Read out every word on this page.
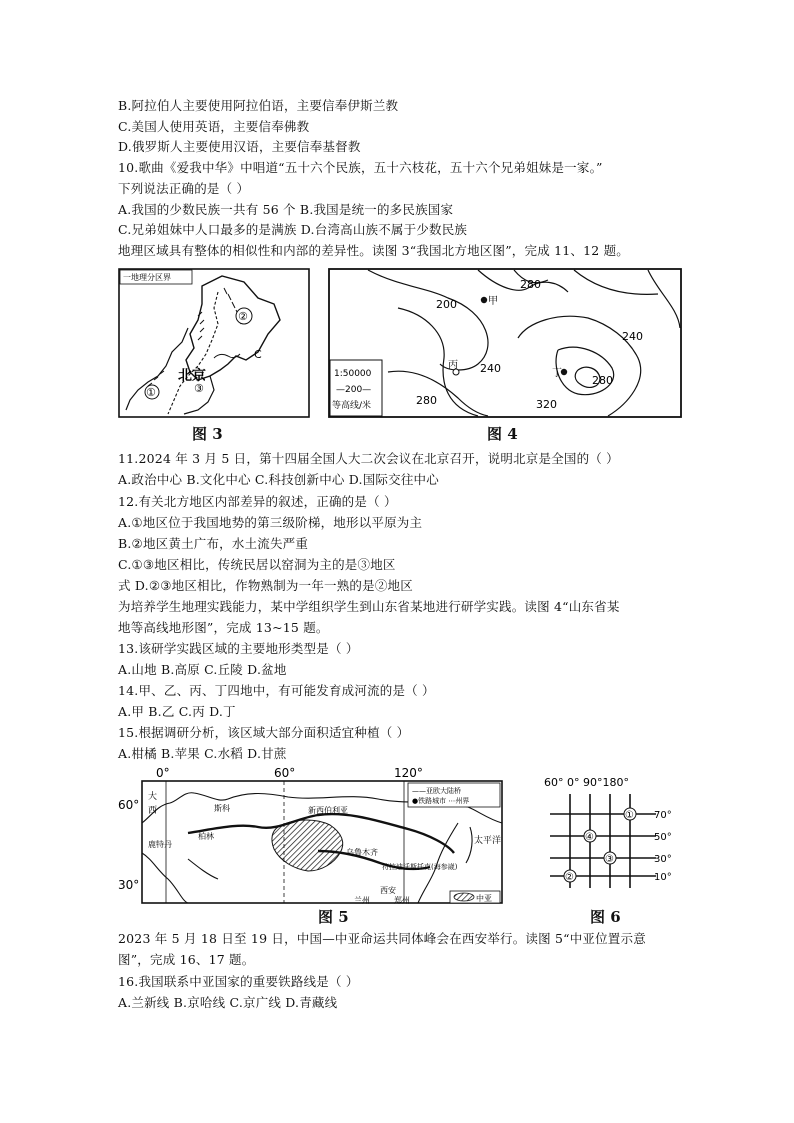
B.阿拉伯人主要使用阿拉伯语，主要信奉伊斯兰教
C.美国人使用英语，主要信奉佛教
D.俄罗斯人主要使用汉语，主要信奉基督教
10.歌曲《爱我中华》中唱道“五十六个民族，五十六枝花，五十六个兄弟姐妹是一家。”
下列说法正确的是（ ）
A.我国的少数民族一共有 56 个 B.我国是统一的多民族国家
C.兄弟姐妹中人口最多的是满族 D.台湾高山族不属于少数民族
地理区域具有整体的相似性和内部的差异性。读图 3“我国北方地区图”，完成 11、12 题。
一地理分区界
②
①	③
C
北京
图 3
280
200
240
240
280
280	320
甲
丙
丁
1:50000
—200—
等高线/米
图 4
11.2024 年 3 月 5 日，第十四届全国人大二次会议在北京召开，说明北京是全国的（ ）
A.政治中心 B.文化中心 C.科技创新中心 D.国际交往中心
12.有关北方地区内部差异的叙述，正确的是（ ）
A.①地区位于我国地势的第三级阶梯，地形以平原为主
B.②地区黄土广布，水土流失严重
C.①③地区相比，传统民居以窑洞为主的是③地区
式 D.②③地区相比，作物熟制为一年一熟的是②地区
为培养学生地理实践能力，某中学组织学生到山东省某地进行研学实践。读图 4“山东省某
地等高线地形图”，完成 13~15 题。
13.该研学实践区域的主要地形类型是（ ）
A.山地 B.高原 C.丘陵 D.盆地
14.甲、乙、丙、丁四地中，有可能发育成河流的是（ ）
A.甲 B.乙 C.丙 D.丁
15.根据调研分析，该区域大部分面积适宜种植（ ）
A.柑橘 B.苹果 C.水稻 D.甘蔗
0°	60°	120°
60°
30°
——亚欧大陆桥
●铁路城市 ⋯州界
大
西	新西伯利亚
乌鲁木齐
符拉迪沃斯托克(海参崴)
西安
兰州	郑州
太平洋
鹿特丹
柏林
斯科
中亚
图 5
60° 0° 90°180°
70°
50°
30°
10°
①
②
③
④
图 6
2023 年 5 月 18 日至 19 日，中国—中亚命运共同体峰会在西安举行。读图 5“中亚位置示意
图”，完成 16、17 题。
16.我国联系中亚国家的重要铁路线是（ ）
A.兰新线 B.京哈线 C.京广线 D.青藏线
